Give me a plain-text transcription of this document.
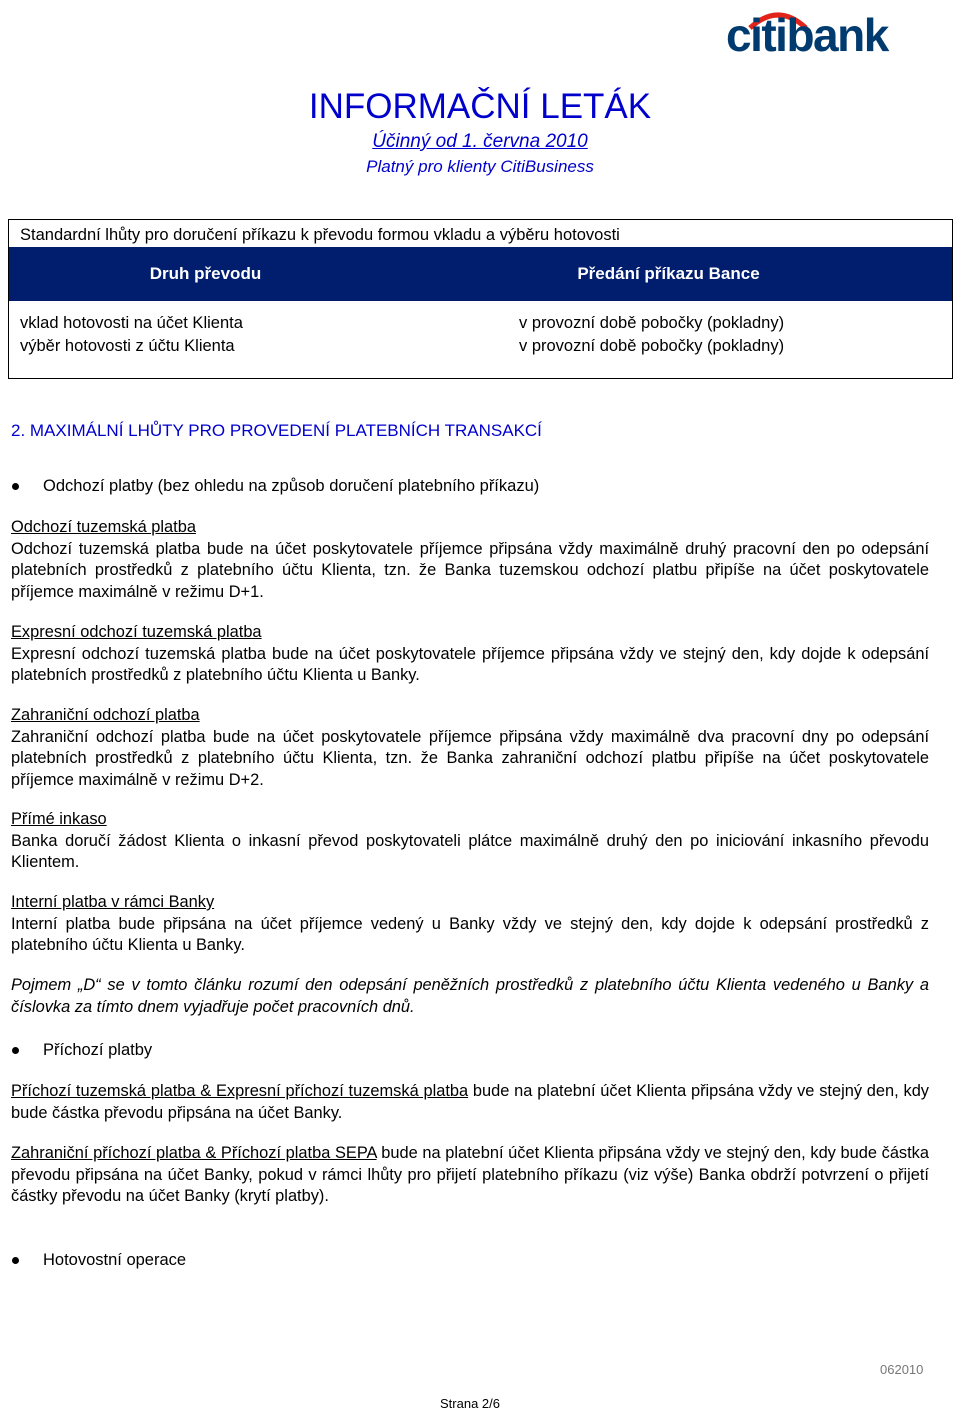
citibank
INFORMAČNÍ LETÁK
Účinný od 1. června 2010
Platný pro klienty CitiBusiness
Standardní lhůty pro doručení příkazu k převodu formou vkladu a výběru hotovosti
Druh převodu	Předání příkazu Bance
vklad hotovosti na účet Klienta
výběr hotovosti z účtu Klienta
v provozní době pobočky (pokladny)
v provozní době pobočky (pokladny)
2. MAXIMÁLNÍ LHŮTY PRO PROVEDENÍ PLATEBNÍCH TRANSAKCÍ
Odchozí platby (bez ohledu na způsob doručení platebního příkazu)
Odchozí tuzemská platba
Odchozí tuzemská platba bude na účet poskytovatele příjemce připsána vždy maximálně druhý pracovní den po odepsání platebních prostředků z platebního účtu Klienta, tzn. že Banka tuzemskou odchozí platbu připíše na účet poskytovatele příjemce maximálně v režimu D+1.
Expresní odchozí tuzemská platba
Expresní odchozí tuzemská platba bude na účet poskytovatele příjemce připsána vždy ve stejný den, kdy dojde k odepsání platebních prostředků z platebního účtu Klienta u Banky.
Zahraniční odchozí platba
Zahraniční odchozí platba bude na účet poskytovatele příjemce připsána vždy maximálně dva pracovní dny po odepsání platebních prostředků z platebního účtu Klienta, tzn. že Banka zahraniční odchozí platbu připíše na účet poskytovatele příjemce maximálně v režimu D+2.
Přímé inkaso
Banka doručí žádost Klienta o inkasní převod poskytovateli plátce maximálně druhý den po iniciování inkasního převodu Klientem.
Interní platba v rámci Banky
Interní platba bude připsána na účet příjemce vedený u Banky vždy ve stejný den, kdy dojde k odepsání prostředků z platebního účtu Klienta u Banky.
Pojmem „D“ se v tomto článku rozumí den odepsání peněžních prostředků z platebního účtu Klienta vedeného u Banky a číslovka za tímto dnem vyjadřuje počet pracovních dnů.
Příchozí platby
Příchozí tuzemská platba & Expresní příchozí tuzemská platba bude na platební účet Klienta připsána vždy ve stejný den, kdy bude částka převodu připsána na účet Banky.
Zahraniční příchozí platba & Příchozí platba SEPA bude na platební účet Klienta připsána vždy ve stejný den, kdy bude částka převodu připsána na účet Banky, pokud v rámci lhůty pro přijetí platebního příkazu (viz výše) Banka obdrží potvrzení o přijetí částky převodu na účet Banky (krytí platby).
Hotovostní operace
062010
Strana 2/6
